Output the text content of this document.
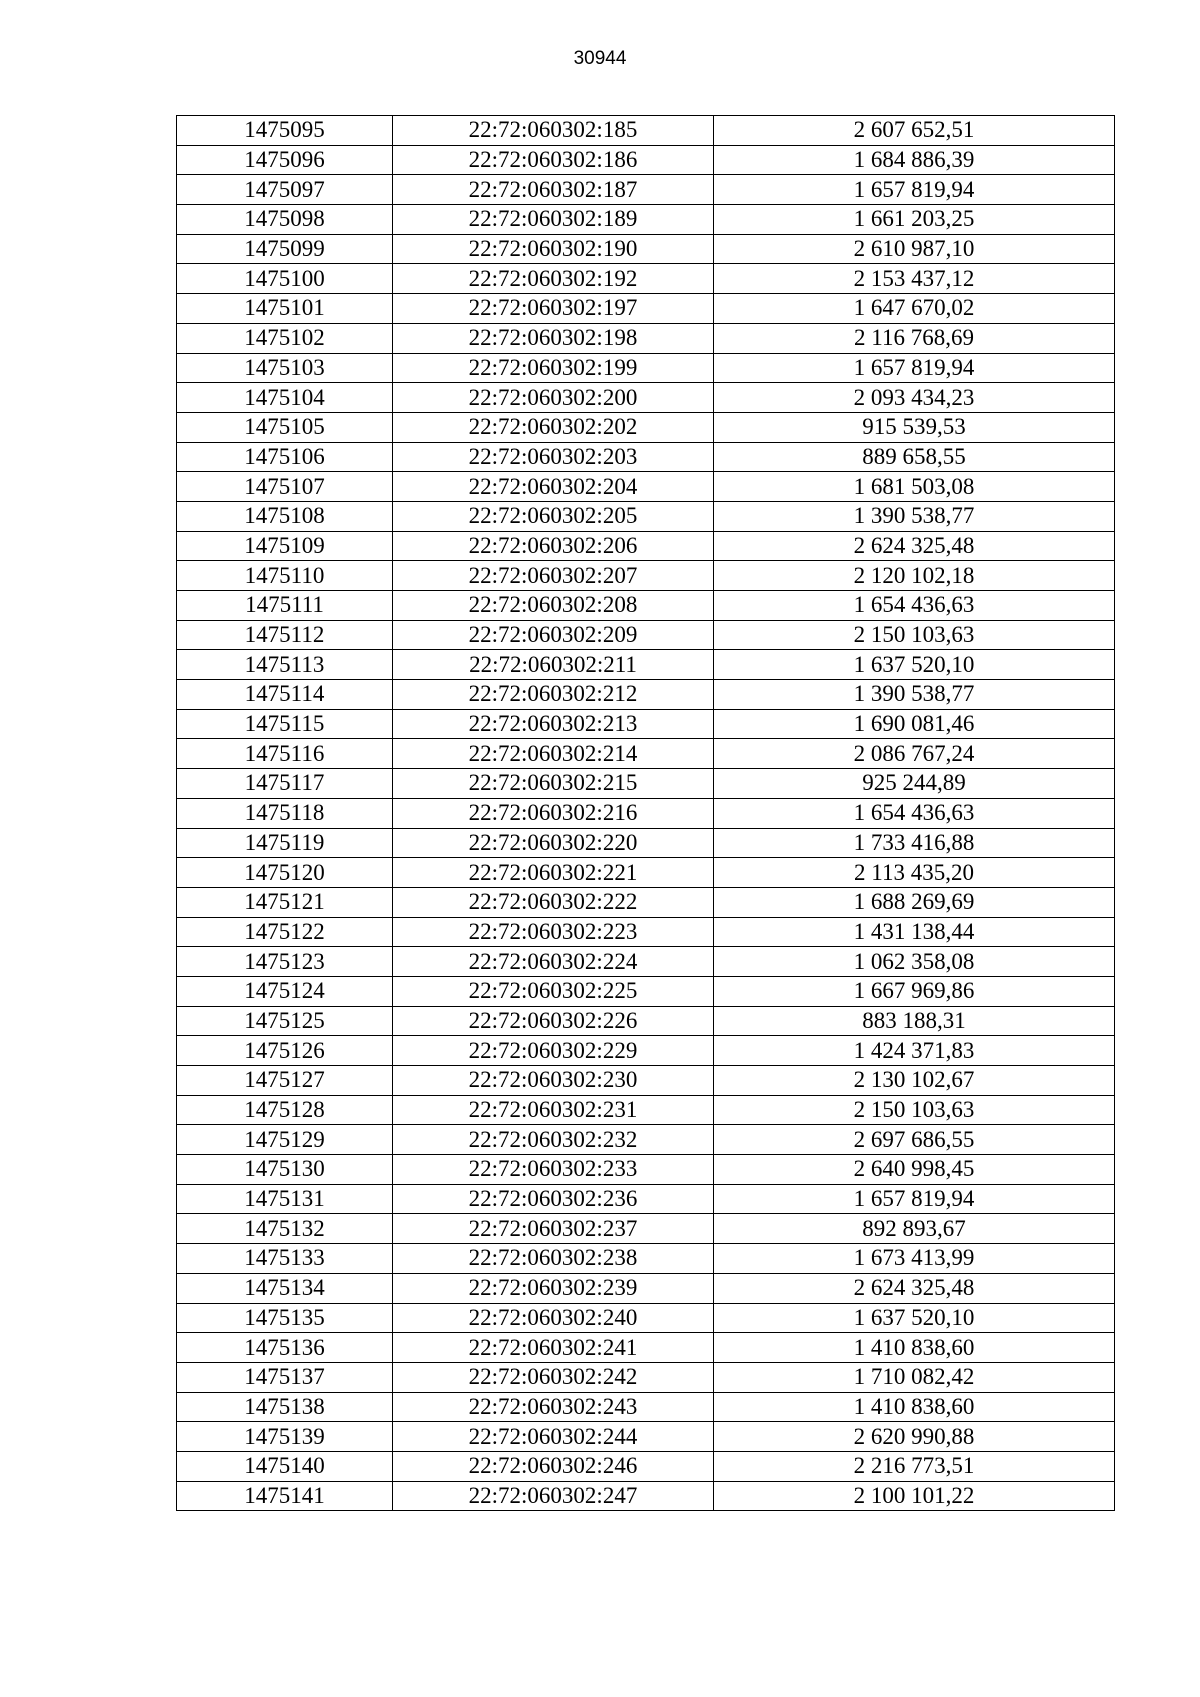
30944
1475095	22:72:060302:185	2 607 652,51
1475096	22:72:060302:186	1 684 886,39
1475097	22:72:060302:187	1 657 819,94
1475098	22:72:060302:189	1 661 203,25
1475099	22:72:060302:190	2 610 987,10
1475100	22:72:060302:192	2 153 437,12
1475101	22:72:060302:197	1 647 670,02
1475102	22:72:060302:198	2 116 768,69
1475103	22:72:060302:199	1 657 819,94
1475104	22:72:060302:200	2 093 434,23
1475105	22:72:060302:202	915 539,53
1475106	22:72:060302:203	889 658,55
1475107	22:72:060302:204	1 681 503,08
1475108	22:72:060302:205	1 390 538,77
1475109	22:72:060302:206	2 624 325,48
1475110	22:72:060302:207	2 120 102,18
1475111	22:72:060302:208	1 654 436,63
1475112	22:72:060302:209	2 150 103,63
1475113	22:72:060302:211	1 637 520,10
1475114	22:72:060302:212	1 390 538,77
1475115	22:72:060302:213	1 690 081,46
1475116	22:72:060302:214	2 086 767,24
1475117	22:72:060302:215	925 244,89
1475118	22:72:060302:216	1 654 436,63
1475119	22:72:060302:220	1 733 416,88
1475120	22:72:060302:221	2 113 435,20
1475121	22:72:060302:222	1 688 269,69
1475122	22:72:060302:223	1 431 138,44
1475123	22:72:060302:224	1 062 358,08
1475124	22:72:060302:225	1 667 969,86
1475125	22:72:060302:226	883 188,31
1475126	22:72:060302:229	1 424 371,83
1475127	22:72:060302:230	2 130 102,67
1475128	22:72:060302:231	2 150 103,63
1475129	22:72:060302:232	2 697 686,55
1475130	22:72:060302:233	2 640 998,45
1475131	22:72:060302:236	1 657 819,94
1475132	22:72:060302:237	892 893,67
1475133	22:72:060302:238	1 673 413,99
1475134	22:72:060302:239	2 624 325,48
1475135	22:72:060302:240	1 637 520,10
1475136	22:72:060302:241	1 410 838,60
1475137	22:72:060302:242	1 710 082,42
1475138	22:72:060302:243	1 410 838,60
1475139	22:72:060302:244	2 620 990,88
1475140	22:72:060302:246	2 216 773,51
1475141	22:72:060302:247	2 100 101,22
